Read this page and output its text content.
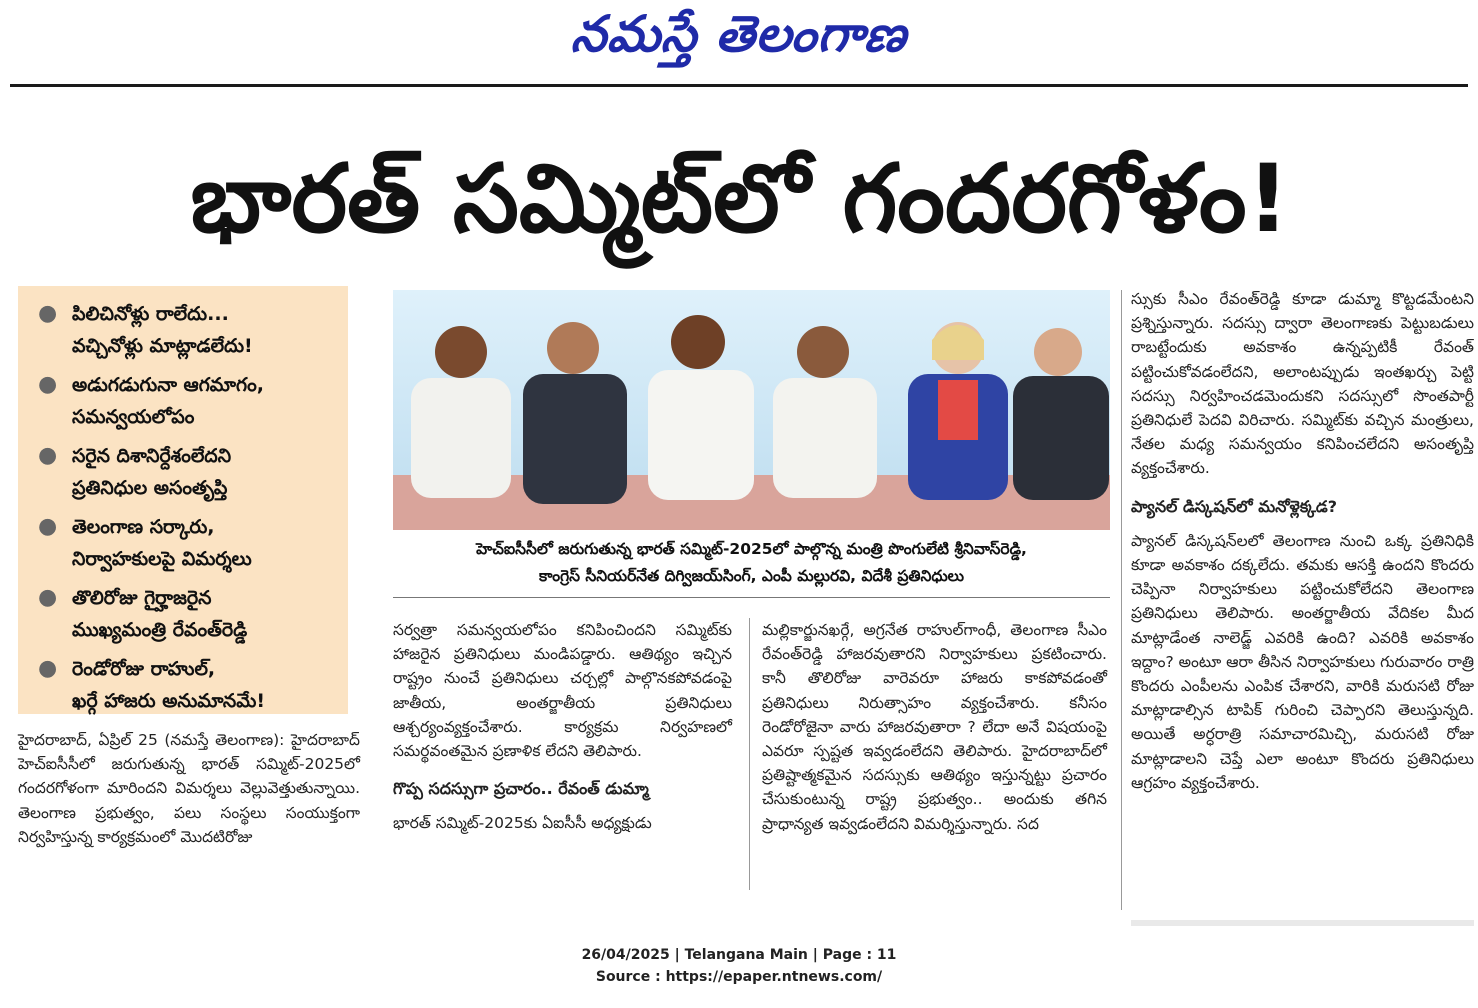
నమస్తే తెలంగాణ
భారత్ సమ్మిట్‌లో గందరగోళం!
● పిలిచినోళ్లు రాలేదు...
వచ్చినోళ్లు మాట్లాడలేదు!
● అడుగడుగునా ఆగమాగం,
సమన్వయలోపం
● సరైన దిశానిర్దేశంలేదని
ప్రతినిధుల అసంతృప్తి
● తెలంగాణ సర్కారు,
నిర్వాహకులపై విమర్శలు
● తొలిరోజు గైర్హాజరైన
ముఖ్యమంత్రి రేవంత్‌రెడ్డి
● రెండోరోజు రాహుల్,
ఖర్గే హాజరు అనుమానమే!

హైదరాబాద్, ఏప్రిల్ 25 (నమస్తే తెలంగాణ): హైదరాబాద్ హెచ్‌ఐసీసీలో జరుగుతున్న భారత్ సమ్మిట్-2025లో గందరగోళంగా మారిందని విమర్శలు వెల్లువెత్తుతున్నాయి. తెలంగాణ ప్రభుత్వం, పలు సంస్థలు సంయుక్తంగా నిర్వహిస్తున్న కార్యక్రమంలో మొదటిరోజు

హెచ్‌ఐసీసీలో జరుగుతున్న భారత్ సమ్మిట్-2025లో పాల్గొన్న మంత్రి పొంగులేటి శ్రీనివాస్‌రెడ్డి,
కాంగ్రెస్ సీనియర్‌నేత దిగ్విజయ్‌సింగ్, ఎంపీ మల్లురవి, విదేశీ ప్రతినిధులు

సర్వత్రా సమన్వయలోపం కనిపించిందని సమ్మిట్‌కు హాజరైన ప్రతినిధులు మండిపడ్డారు. ఆతిథ్యం ఇచ్చిన రాష్ట్రం నుంచే ప్రతినిధులు చర్చల్లో పాల్గొనకపోవడంపై జాతీయ, అంతర్జాతీయ ప్రతినిధులు ఆశ్చర్యంవ్యక్తంచేశారు. కార్యక్రమ నిర్వహణలో సమర్థవంతమైన ప్రణాళిక లేదని తెలిపారు.

గొప్ప సదస్సుగా ప్రచారం.. రేవంత్ డుమ్మా

భారత్ సమ్మిట్-2025కు ఏఐసీసీ అధ్యక్షుడు

మల్లికార్జునఖర్గే, అగ్రనేత రాహుల్‌గాంధీ, తెలంగాణ సీఎం రేవంత్‌రెడ్డి హాజరవుతారని నిర్వాహకులు ప్రకటించారు. కానీ తొలిరోజు వారెవరూ హాజరు కాకపోవడంతో ప్రతినిధులు నిరుత్సాహం వ్యక్తంచేశారు. కనీసం రెండోరోజైనా వారు హాజరవుతారా ? లేదా అనే విషయంపై ఎవరూ స్పష్టత ఇవ్వడంలేదని తెలిపారు. హైదరాబాద్‌లో ప్రతిష్టాత్మకమైన సదస్సుకు ఆతిథ్యం ఇస్తున్నట్టు ప్రచారం చేసుకుంటున్న రాష్ట్ర ప్రభుత్వం.. అందుకు తగిన ప్రాధాన్యత ఇవ్వడంలేదని విమర్శిస్తున్నారు. సద

స్సుకు సీఎం రేవంత్‌రెడ్డి కూడా డుమ్మా కొట్టడమేంటని ప్రశ్నిస్తున్నారు. సదస్సు ద్వారా తెలంగాణకు పెట్టుబడులు రాబట్టేందుకు అవకాశం ఉన్నప్పటికీ రేవంత్ పట్టించుకోవడంలేదని, అలాంటప్పుడు ఇంతఖర్చు పెట్టి సదస్సు నిర్వహించడమెందుకని సదస్సులో సొంతపార్టీ ప్రతినిధులే పెదవి విరిచారు. సమ్మిట్‌కు వచ్చిన మంత్రులు, నేతల మధ్య సమన్వయం కనిపించలేదని అసంతృప్తి వ్యక్తంచేశారు.

ప్యానల్ డిస్కషన్‌లో మనోళ్లెక్కడ?

ప్యానల్ డిస్కషన్‌లలో తెలంగాణ నుంచి ఒక్క ప్రతినిధికి కూడా అవకాశం దక్కలేదు. తమకు ఆసక్తి ఉందని కొందరు చెప్పినా నిర్వాహకులు పట్టించుకోలేదని తెలంగాణ ప్రతినిధులు తెలిపారు. అంతర్జాతీయ వేదికల మీద మాట్లాడేంత నాలెడ్జ్ ఎవరికి ఉంది? ఎవరికి అవకాశం ఇద్దాం? అంటూ ఆరా తీసిన నిర్వాహకులు గురువారం రాత్రి కొందరు ఎంపీలను ఎంపిక చేశారని, వారికి మరుసటి రోజు మాట్లాడాల్సిన టాపిక్ గురించి చెప్పారని తెలుస్తున్నది. అయితే అర్ధరాత్రి సమాచారమిచ్చి, మరుసటి రోజు మాట్లాడాలని చెప్తే ఎలా అంటూ కొందరు ప్రతినిధులు ఆగ్రహం వ్యక్తంచేశారు.

26/04/2025 | Telangana Main | Page : 11
Source : https://epaper.ntnews.com/
